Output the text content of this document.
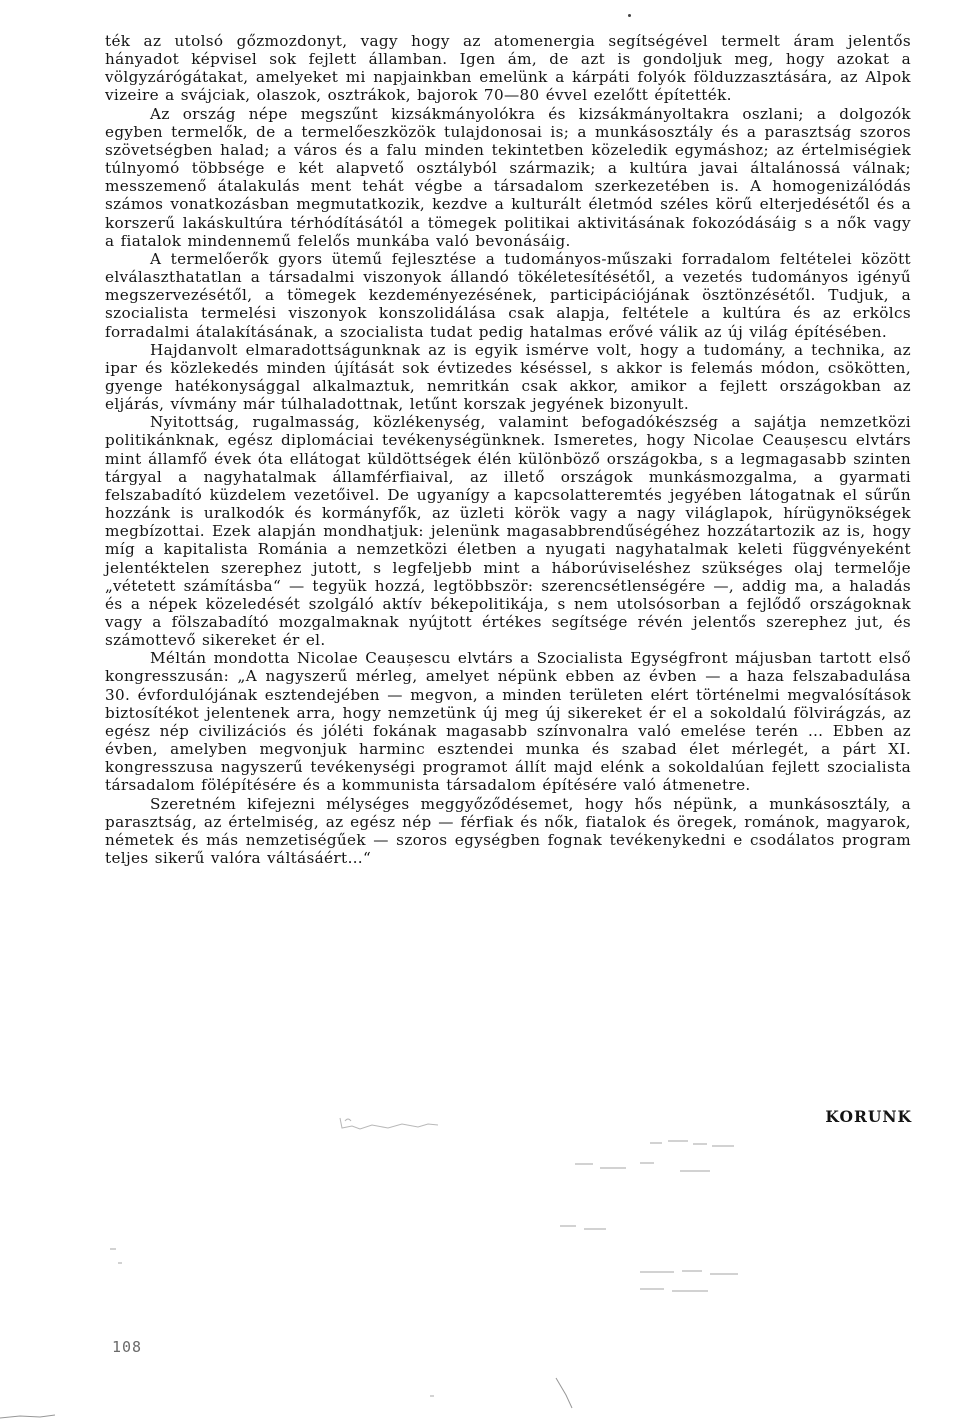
ték az utolsó gőzmozdonyt, vagy hogy az atomenergia segítségével termelt áram jelentős hányadot képvisel sok fejlett államban. Igen ám, de azt is gondoljuk meg, hogy azokat a völgyzárógátakat, amelyeket mi napjainkban emelünk a kárpáti folyók földuzzasztására, az Alpok vizeire a svájciak, olaszok, osztrákok, bajorok 70—80 évvel ezelőtt építették.

Az ország népe megszűnt kizsákmányolókra és kizsákmányoltakra oszlani; a dolgozók egyben termelők, de a termelőeszközök tulajdonosai is; a munkásosztály és a parasztság szoros szövetségben halad; a város és a falu minden tekintetben közeledik egymáshoz; az értelmiségiek túlnyomó többsége e két alapvető osztályból származik; a kultúra javai általánossá válnak; messzemenő átalakulás ment tehát végbe a társadalom szerkezetében is. A homogenizálódás számos vonatkozásban megmutatkozik, kezdve a kulturált életmód széles körű elterjedésétől és a korszerű lakáskultúra térhódításától a tömegek politikai aktivitásának fokozódásáig s a nők vagy a fiatalok mindennemű felelős munkába való bevonásáig.

A termelőerők gyors ütemű fejlesztése a tudományos-műszaki forradalom feltételei között elválaszthatatlan a társadalmi viszonyok állandó tökéletesítésétől, a vezetés tudományos igényű megszervezésétől, a tömegek kezdeményezésének, participációjának ösztönzésétől. Tudjuk, a szocialista termelési viszonyok konszolidálása csak alapja, feltétele a kultúra és az erkölcs forradalmi átalakításának, a szocialista tudat pedig hatalmas erővé válik az új világ építésében.

Hajdanvolt elmaradottságunknak az is egyik ismérve volt, hogy a tudomány, a technika, az ipar és közlekedés minden újítását sok évtizedes késéssel, s akkor is felemás módon, csökötten, gyenge hatékonysággal alkalmaztuk, nemritkán csak akkor, amikor a fejlett országokban az eljárás, vívmány már túlhaladottnak, letűnt korszak jegyének bizonyult.

Nyitottság, rugalmasság, közlékenység, valamint befogadókészség a sajátja nemzetközi politikánknak, egész diplomáciai tevékenységünknek. Ismeretes, hogy Nicolae Ceaușescu elvtárs mint államfő évek óta ellátogat küldöttségek élén különböző országokba, s a legmagasabb szinten tárgyal a nagyhatalmak államférfiaival, az illető országok munkásmozgalma, a gyarmati felszabadító küzdelem vezetőivel. De ugyanígy a kapcsolatteremtés jegyében látogatnak el sűrűn hozzánk is uralkodók és kormányfők, az üzleti körök vagy a nagy világlapok, hírügynökségek megbízottai. Ezek alapján mondhatjuk: jelenünk magasabbrendűségéhez hozzátartozik az is, hogy míg a kapitalista Románia a nemzetközi életben a nyugati nagyhatalmak keleti függvényeként jelentéktelen szerephez jutott, s legfeljebb mint a háborúviseléshez szükséges olaj termelője „vétetett számításba“ — tegyük hozzá, legtöbbször: szerencsétlenségére —, addig ma, a haladás és a népek közeledését szolgáló aktív békepolitikája, s nem utolsósorban a fejlődő országoknak vagy a fölszabadító mozgalmaknak nyújtott értékes segítsége révén jelentős szerephez jut, és számottevő sikereket ér el.

Méltán mondotta Nicolae Ceaușescu elvtárs a Szocialista Egységfront májusban tartott első kongresszusán: „A nagyszerű mérleg, amelyet népünk ebben az évben — a haza felszabadulása 30. évfordulójának esztendejében — megvon, a minden területen elért történelmi megvalósítások biztosítékot jelentenek arra, hogy nemzetünk új meg új sikereket ér el a sokoldalú fölvirágzás, az egész nép civilizációs és jóléti fokának magasabb színvonalra való emelése terén … Ebben az évben, amelyben megvonjuk harminc esztendei munka és szabad élet mérlegét, a párt XI. kongresszusa nagyszerű tevékenységi programot állít majd elénk a sokoldalúan fejlett szocialista társadalom fölépítésére és a kommunista társadalom építésére való átmenetre.

Szeretném kifejezni mélységes meggyőződésemet, hogy hős népünk, a munkásosztály, a parasztság, az értelmiség, az egész nép — férfiak és nők, fiatalok és öregek, románok, magyarok, németek és más nemzetiségűek — szoros egységben fognak tevékenykedni e csodálatos program teljes sikerű valóra váltásáért…“

KORUNK
108
